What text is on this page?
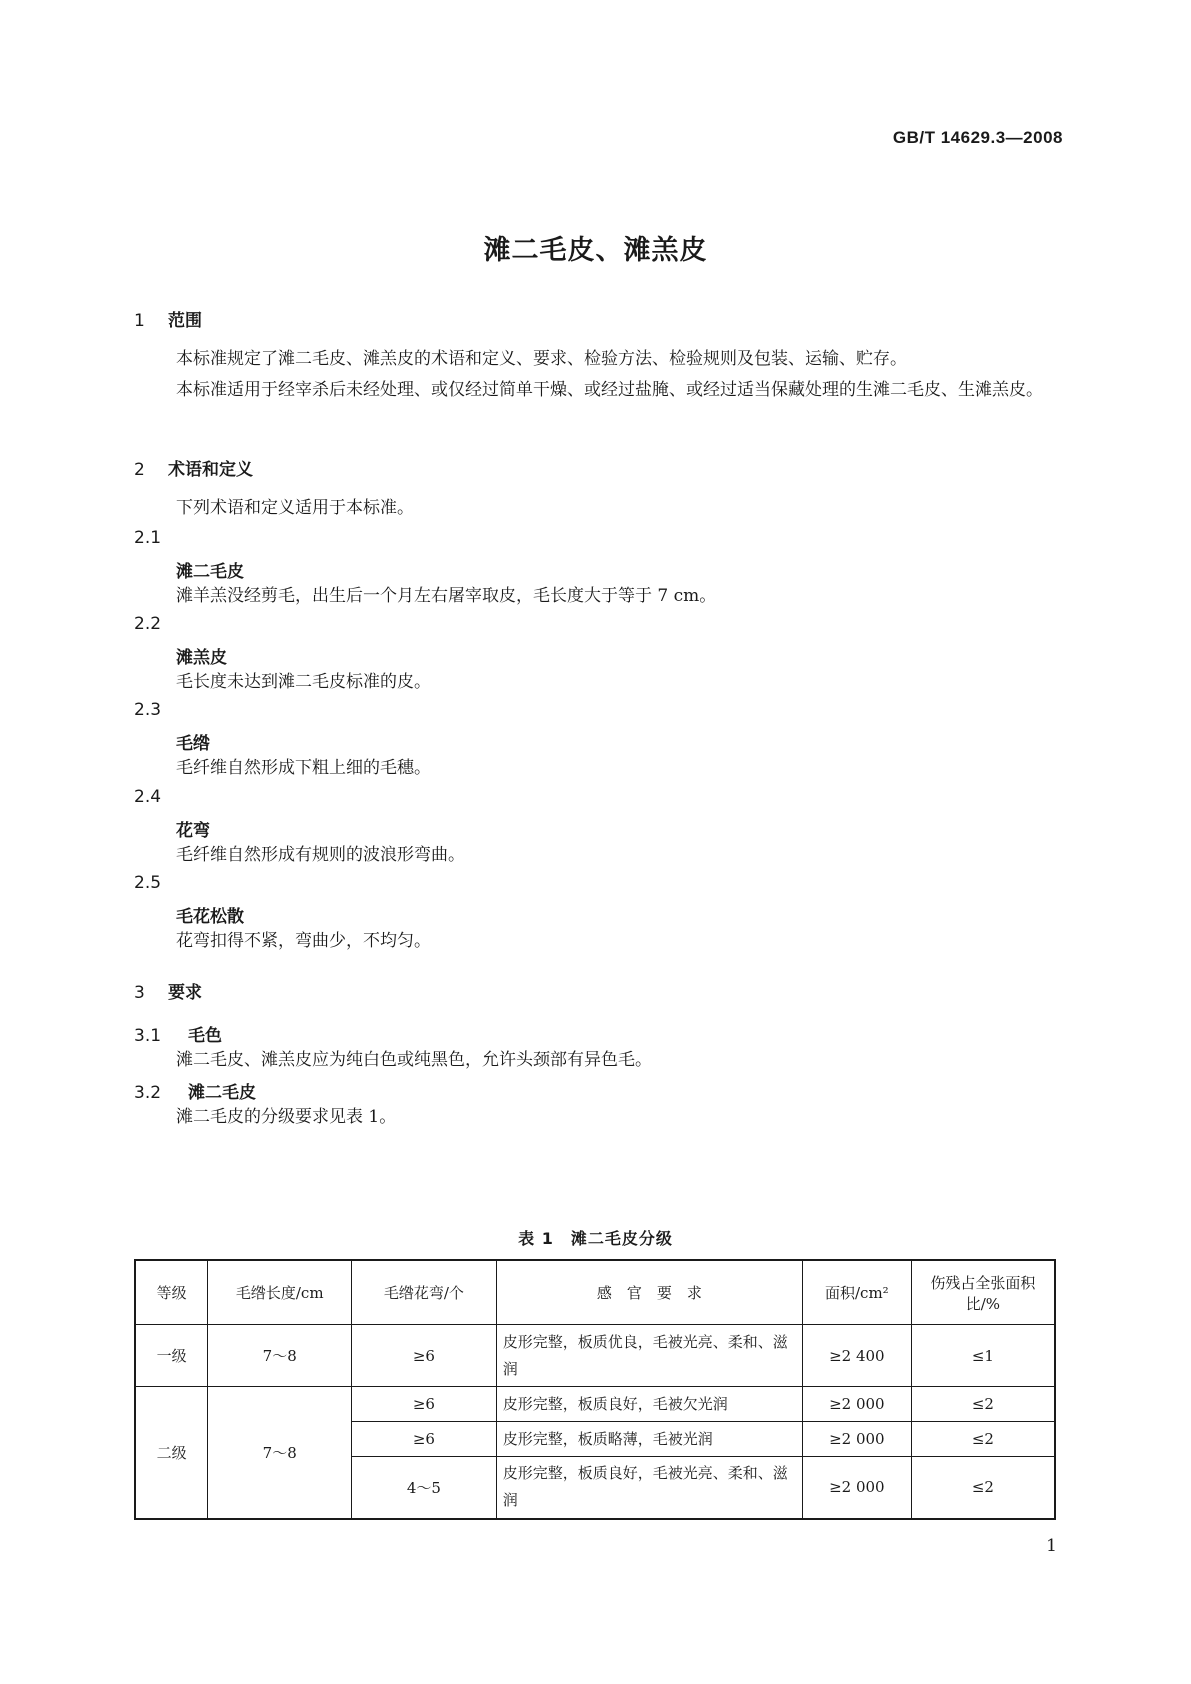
GB/T 14629.3—2008
滩二毛皮、滩羔皮
1 范围
本标准规定了滩二毛皮、滩羔皮的术语和定义、要求、检验方法、检验规则及包装、运输、贮存。
本标准适用于经宰杀后未经处理、或仅经过简单干燥、或经过盐腌、或经过适当保藏处理的生滩二毛皮、生滩羔皮。
2 术语和定义
下列术语和定义适用于本标准。
2.1
滩二毛皮
滩羊羔没经剪毛，出生后一个月左右屠宰取皮，毛长度大于等于 7 cm。
2.2
滩羔皮
毛长度未达到滩二毛皮标准的皮。
2.3
毛绺
毛纤维自然形成下粗上细的毛穗。
2.4
花弯
毛纤维自然形成有规则的波浪形弯曲。
2.5
毛花松散
花弯扣得不紧，弯曲少，不均匀。
3 要求
3.1 毛色
滩二毛皮、滩羔皮应为纯白色或纯黑色，允许头颈部有异色毛。
3.2 滩二毛皮
滩二毛皮的分级要求见表 1。
表 1　滩二毛皮分级
等级	毛绺长度/cm	毛绺花弯/个	感　官　要　求	面积/cm²	伤残占全张面积比/%
一级	7～8	≥6	皮形完整，板质优良，毛被光亮、柔和、滋润	≥2 400	≤1
二级	7～8	≥6	皮形完整，板质良好，毛被欠光润	≥2 000	≤2
		≥6	皮形完整，板质略薄，毛被光润	≥2 000	≤2
		4～5	皮形完整，板质良好，毛被光亮、柔和、滋润	≥2 000	≤2
1
